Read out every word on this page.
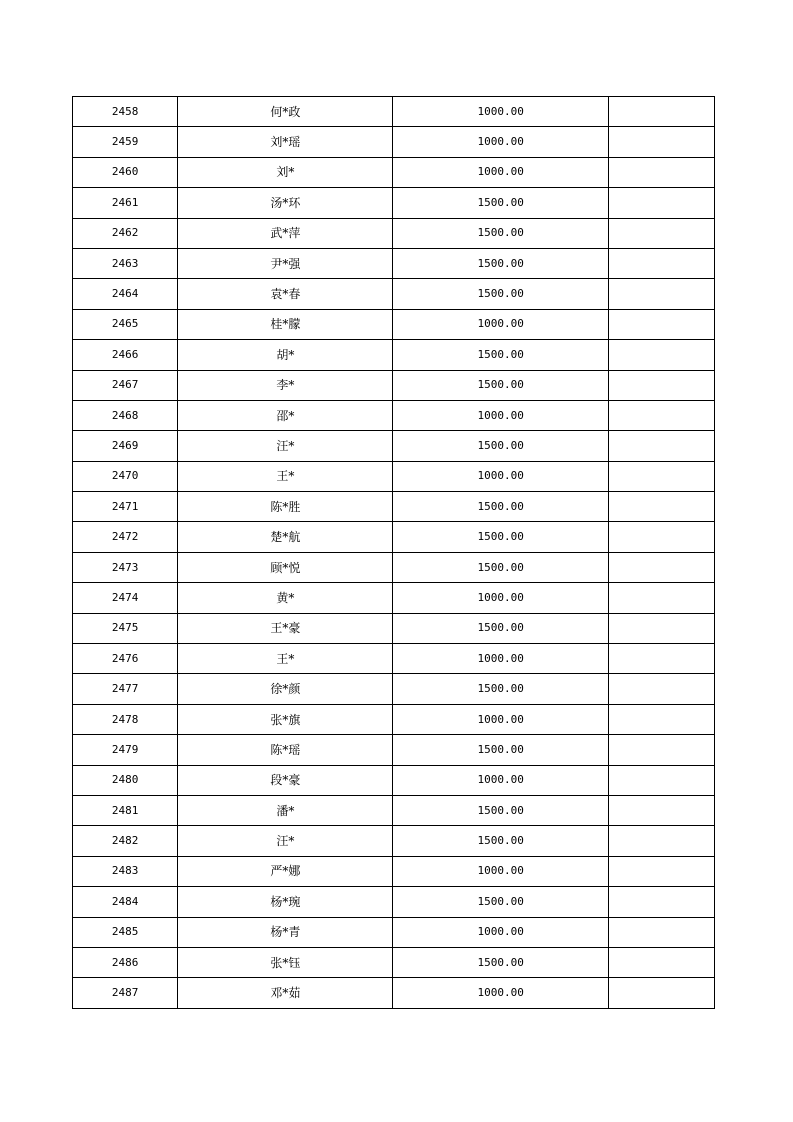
2458	何*政	1000.00	
2459	刘*瑶	1000.00	
2460	刘*	1000.00	
2461	汤*环	1500.00	
2462	武*萍	1500.00	
2463	尹*强	1500.00	
2464	袁*春	1500.00	
2465	桂*朦	1000.00	
2466	胡*	1500.00	
2467	李*	1500.00	
2468	邵*	1000.00	
2469	汪*	1500.00	
2470	王*	1000.00	
2471	陈*胜	1500.00	
2472	楚*航	1500.00	
2473	顾*悦	1500.00	
2474	黄*	1000.00	
2475	王*豪	1500.00	
2476	王*	1000.00	
2477	徐*颜	1500.00	
2478	张*旗	1000.00	
2479	陈*瑶	1500.00	
2480	段*豪	1000.00	
2481	潘*	1500.00	
2482	汪*	1500.00	
2483	严*娜	1000.00	
2484	杨*琬	1500.00	
2485	杨*青	1000.00	
2486	张*钰	1500.00	
2487	邓*茹	1000.00	
